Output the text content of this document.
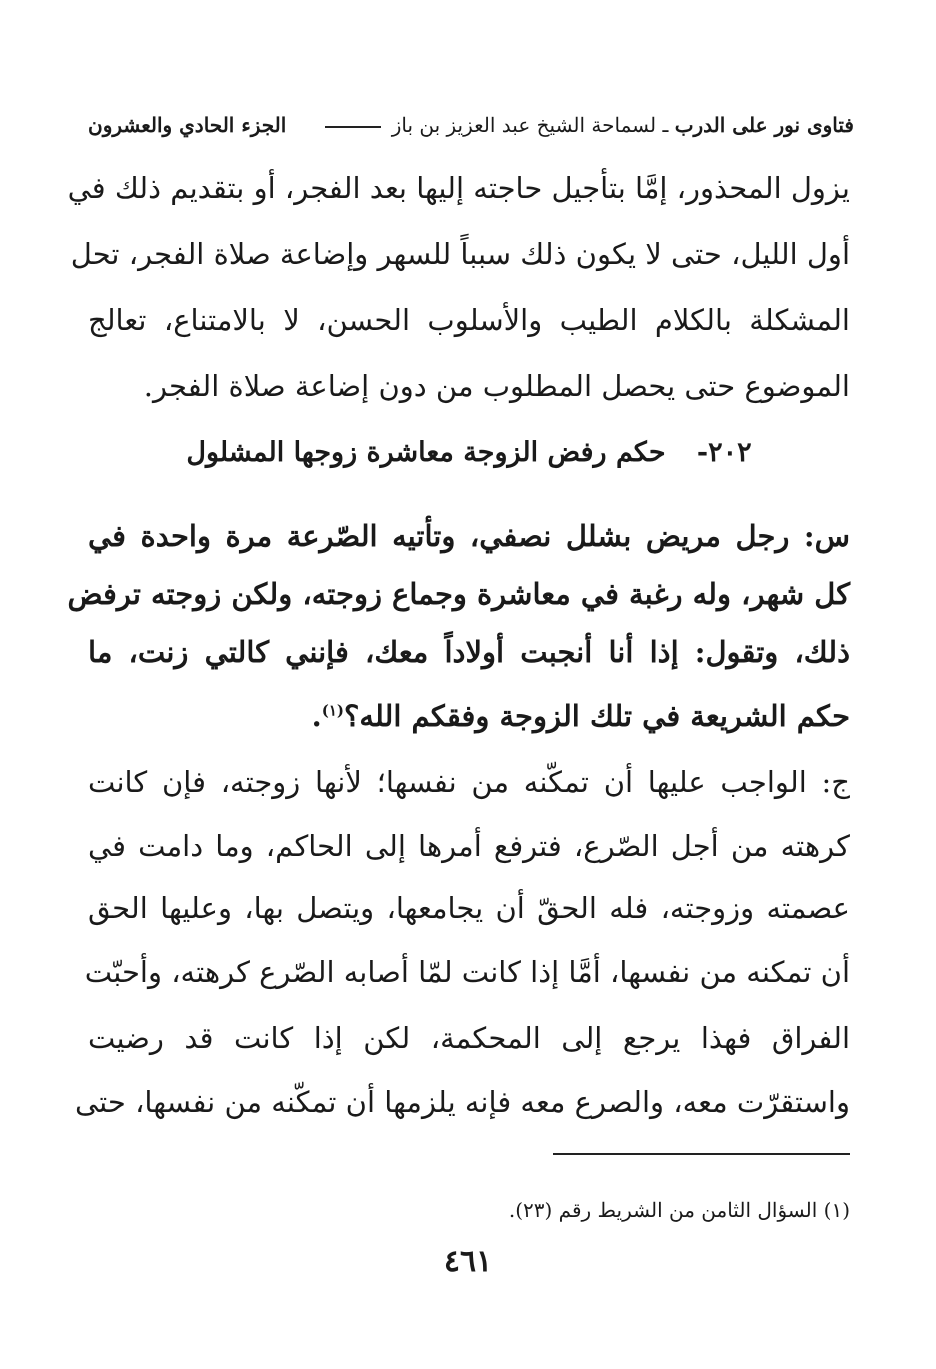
فتاوى نور على الدرب ـ لسماحة الشيخ عبد العزيز بن باز
الجزء الحادي والعشرون
يزول المحذور، إمَّا بتأجيل حاجته إليها بعد الفجر، أو بتقديم ذلك في
أول الليل، حتى لا يكون ذلك سبباً للسهر وإضاعة صلاة الفجر، تحل
المشكلة بالكلام الطيب والأسلوب الحسن، لا بالامتناع، تعالج
الموضوع حتى يحصل المطلوب من دون إضاعة صلاة الفجر.
٢٠٢- حكم رفض الزوجة معاشرة زوجها المشلول
س: رجل مريض بشلل نصفي، وتأتيه الصّرعة مرة واحدة في
كل شهر، وله رغبة في معاشرة وجماع زوجته، ولكن زوجته ترفض
ذلك، وتقول: إذا أنا أنجبت أولاداً معك، فإنني كالتي زنت، ما
حكم الشريعة في تلك الزوجة وفقكم الله؟$^{(١)}$.
ج: الواجب عليها أن تمكّنه من نفسها؛ لأنها زوجته، فإن كانت
كرهته من أجل الصّرع، فترفع أمرها إلى الحاكم، وما دامت في
عصمته وزوجته، فله الحقّ أن يجامعها، ويتصل بها، وعليها الحق
أن تمكنه من نفسها، أمَّا إذا كانت لمّا أصابه الصّرع كرهته، وأحبّت
الفراق فهذا يرجع إلى المحكمة، لكن إذا كانت قد رضيت
واستقرّت معه، والصرع معه فإنه يلزمها أن تمكّنه من نفسها، حتى
(١) السؤال الثامن من الشريط رقم (٢٣).
٤٦١
